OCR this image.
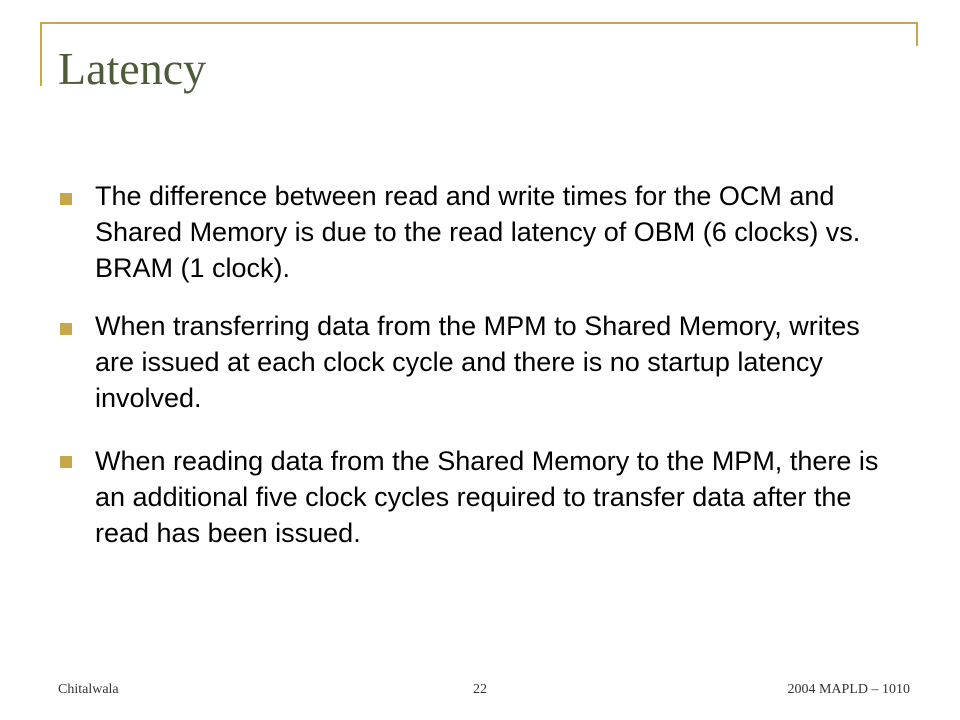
Latency

The difference between read and write times for the OCM and Shared Memory is due to the read latency of OBM (6 clocks) vs. BRAM (1 clock).

When transferring data from the MPM to Shared Memory, writes are issued at each clock cycle and there is no startup latency involved.

When reading data from the Shared Memory to the MPM, there is an additional five clock cycles required to transfer data after the read has been issued.

Chitalwala	22	2004 MAPLD – 1010
